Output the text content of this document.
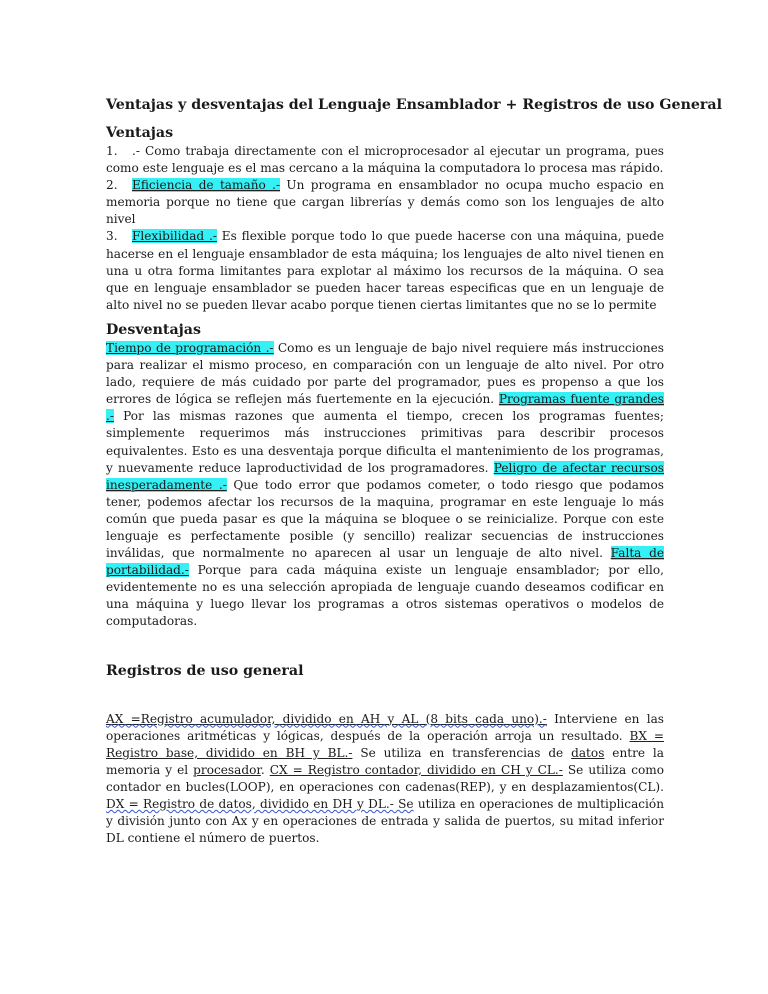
Ventajas y desventajas del Lenguaje Ensamblador + Registros de uso General
Ventajas

1. .- Como trabaja directamente con el microprocesador al ejecutar un programa, pues como este lenguaje es el mas cercano a la máquina la computadora lo procesa mas rápido.

2. Eficiencia de tamaño .- Un programa en ensamblador no ocupa mucho espacio en memoria porque no tiene que cargan librerías y demás como son los lenguajes de alto nivel

3. Flexibilidad .- Es flexible porque todo lo que puede hacerse con una máquina, puede hacerse en el lenguaje ensamblador de esta máquina; los lenguajes de alto nivel tienen en una u otra forma limitantes para explotar al máximo los recursos de la máquina. O sea que en lenguaje ensamblador se pueden hacer tareas especificas que en un lenguaje de alto nivel no se pueden llevar acabo porque tienen ciertas limitantes que no se lo permite

Desventajas

Tiempo de programación .- Como es un lenguaje de bajo nivel requiere más instrucciones para realizar el mismo proceso, en comparación con un lenguaje de alto nivel. Por otro lado, requiere de más cuidado por parte del programador, pues es propenso a que los errores de lógica se reflejen más fuertemente en la ejecución. Programas fuente grandes .- Por las mismas razones que aumenta el tiempo, crecen los programas fuentes; simplemente requerimos más instrucciones primitivas para describir procesos equivalentes. Esto es una desventaja porque dificulta el mantenimiento de los programas, y nuevamente reduce laproductividad de los programadores. Peligro de afectar recursos inesperadamente .- Que todo error que podamos cometer, o todo riesgo que podamos tener, podemos afectar los recursos de la maquina, programar en este lenguaje lo más común que pueda pasar es que la máquina se bloquee o se reinicialize. Porque con este lenguaje es perfectamente posible (y sencillo) realizar secuencias de instrucciones inválidas, que normalmente no aparecen al usar un lenguaje de alto nivel. Falta de portabilidad.- Porque para cada máquina existe un lenguaje ensamblador; por ello, evidentemente no es una selección apropiada de lenguaje cuando deseamos codificar en una máquina y luego llevar los programas a otros sistemas operativos o modelos de computadoras.

Registros de uso general

AX =Registro acumulador, dividido en AH y AL (8 bits cada uno).- Interviene en las operaciones aritméticas y lógicas, después de la operación arroja un resultado. BX = Registro base, dividido en BH y BL.- Se utiliza en transferencias de datos entre la memoria y el procesador. CX = Registro contador, dividido en CH y CL.- Se utiliza como contador en bucles(LOOP), en operaciones con cadenas(REP), y en desplazamientos(CL). DX = Registro de datos, dividido en DH y DL.- Se utiliza en operaciones de multiplicación y división junto con Ax y en operaciones de entrada y salida de puertos, su mitad inferior DL contiene el número de puertos.
